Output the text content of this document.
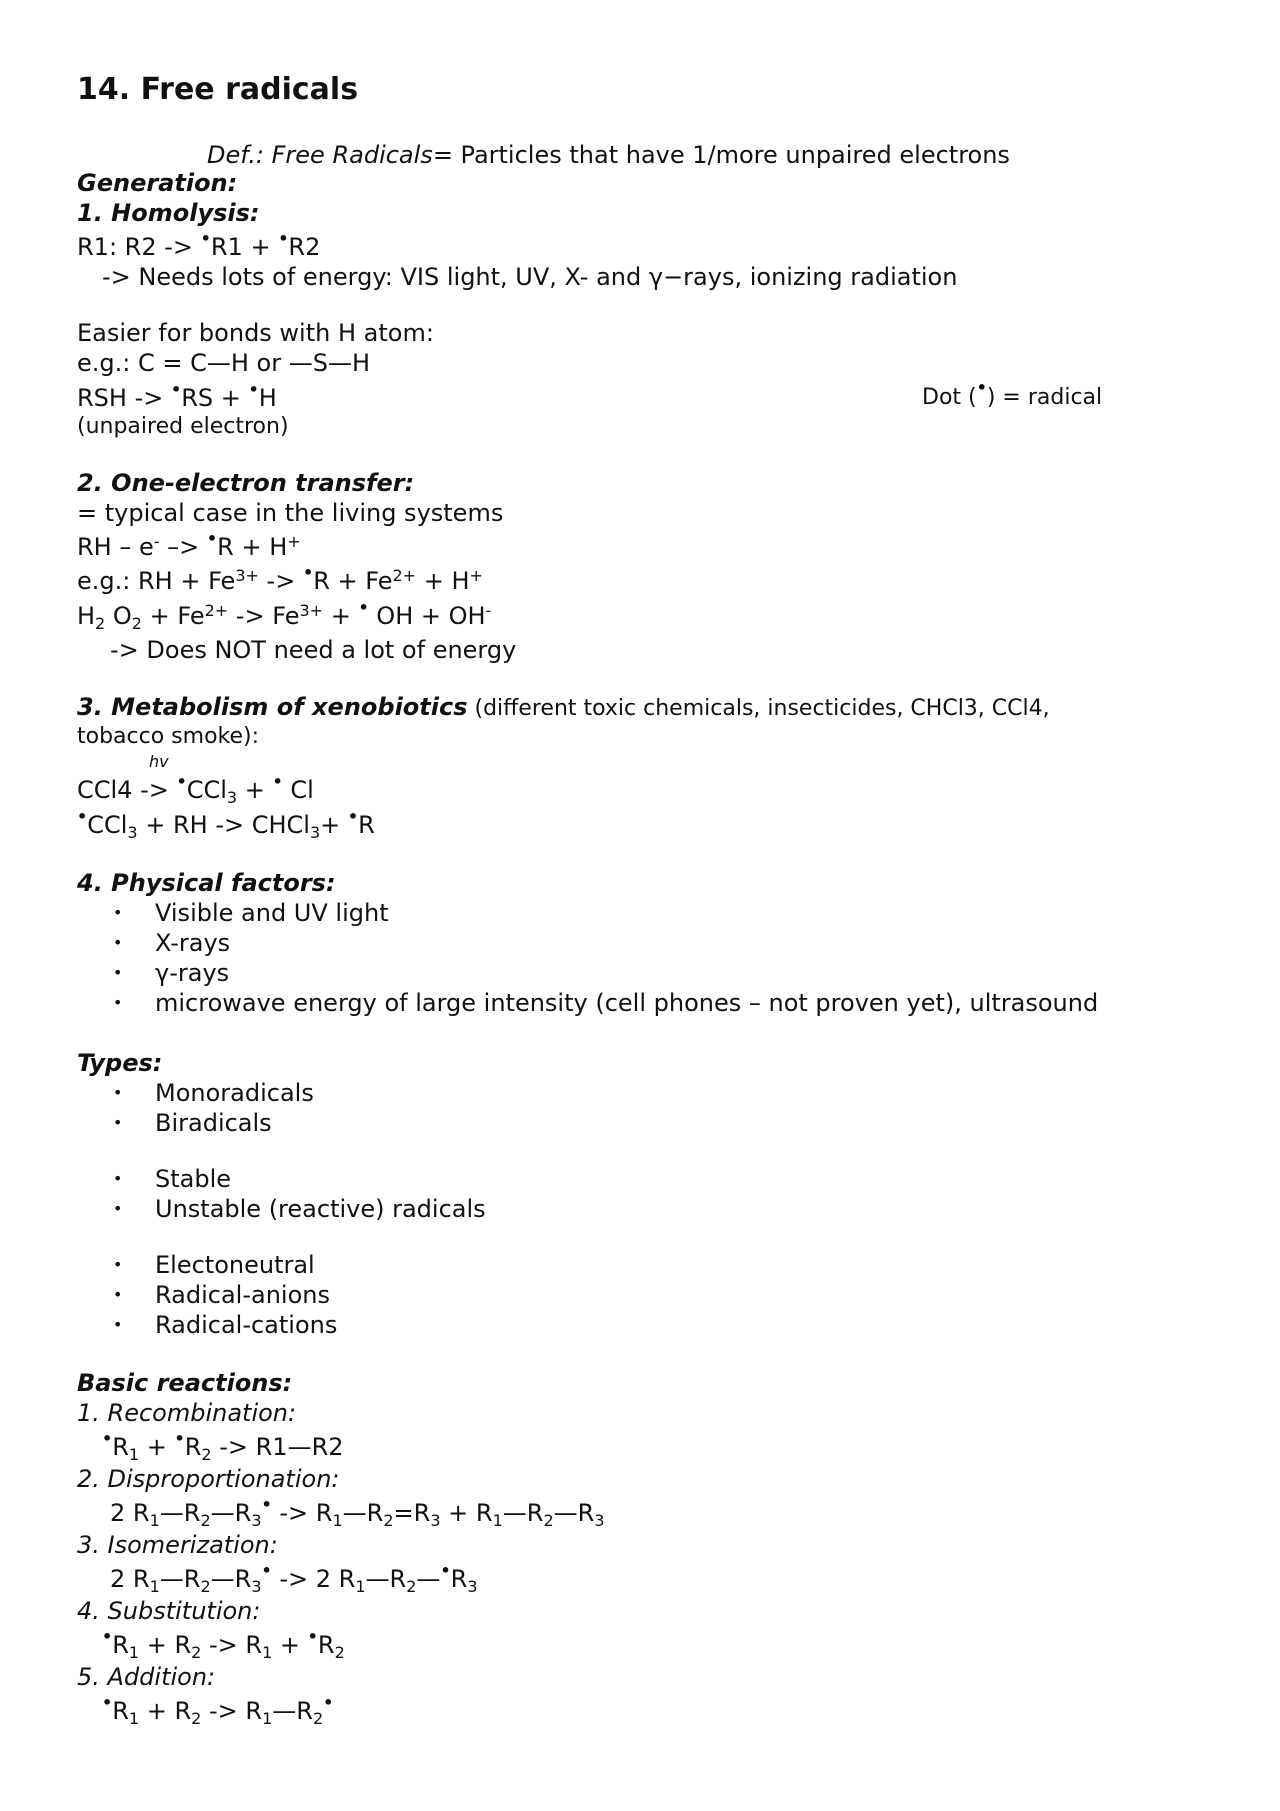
14. Free radicals
Def.: Free Radicals= Particles that have 1/more unpaired electrons
Generation:
1. Homolysis:
R1: R2 -> •R1 + •R2
-> Needs lots of energy: VIS light, UV, X- and γ−rays, ionizing radiation
Easier for bonds with H atom:
e.g.: C = C—H or —S—H
RSH -> •RS + •H	Dot (•) = radical
(unpaired electron)
2. One-electron transfer:
= typical case in the living systems
RH – e- –> •R + H+
e.g.: RH + $Fe^{3+} -> ^•R + Fe^{2+} + H^+$
$H_2$ $O_2 + Fe^{2+} -> Fe^{3+} + ^•$ OH + OH-
-> Does NOT need a lot of energy
3. Metabolism of xenobiotics (different toxic chemicals, insecticides, CHCl3, CCl4,
tobacco smoke):
hv
CCl4 -> •CCl$_3$ + • Cl
•CCl$_3$ + RH -> CHCl$_3$+ •R
4. Physical factors:
Visible and UV light
X-rays
γ-rays
microwave energy of large intensity (cell phones – not proven yet), ultrasound
Types:
Monoradicals
Biradicals
Stable
Unstable (reactive) radicals
Electoneutral
Radical-anions
Radical-cations
Basic reactions:
1. Recombination:
$^•R_1 + ^•R_2$ -> R1—R2
2. Disproportionation:
2 $R_1—R_2—R_3^•$ -> $R_1—R_2=R_3$ + $R_1—R_2—R_3$
3. Isomerization:
2 $R_1—R_2—R_3^• -> 2$ $R_1—R_2—^•R_3$
4. Substitution:
$^•R_1 + R_2 -> R_1 + ^•R_2$
5. Addition:
$^•R_1 + R_2$ -> $R_1—R_2^•$
